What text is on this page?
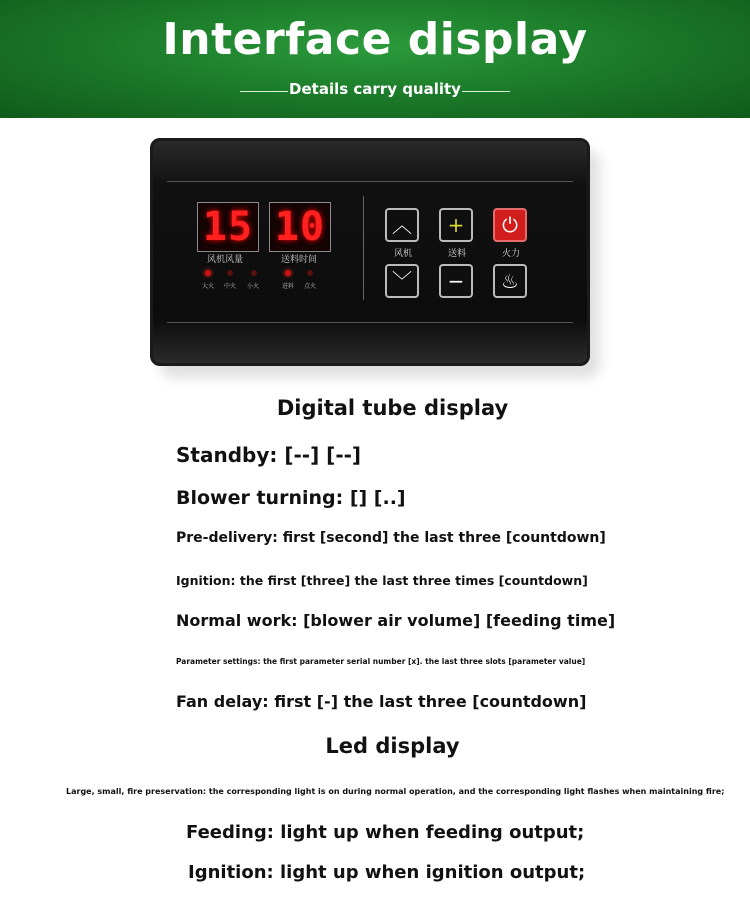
Interface display
Details carry quality
15 10
风机风量	送料时间
大火 中火 小火	进料 点火
︿	+	⏻
风机	送料	火力
﹀	−	♨
Digital tube display
Standby: [--] [--]
Blower turning: [] [..]
Pre-delivery: first [second] the last three [countdown]
Ignition: the first [three] the last three times [countdown]
Normal work: [blower air volume] [feeding time]
Parameter settings: the first parameter serial number [x]. the last three slots [parameter value]
Fan delay: first [-] the last three [countdown]
Led display
Large, small, fire preservation: the corresponding light is on during normal operation, and the corresponding light flashes when maintaining fire;
Feeding: light up when feeding output;
Ignition: light up when ignition output;
